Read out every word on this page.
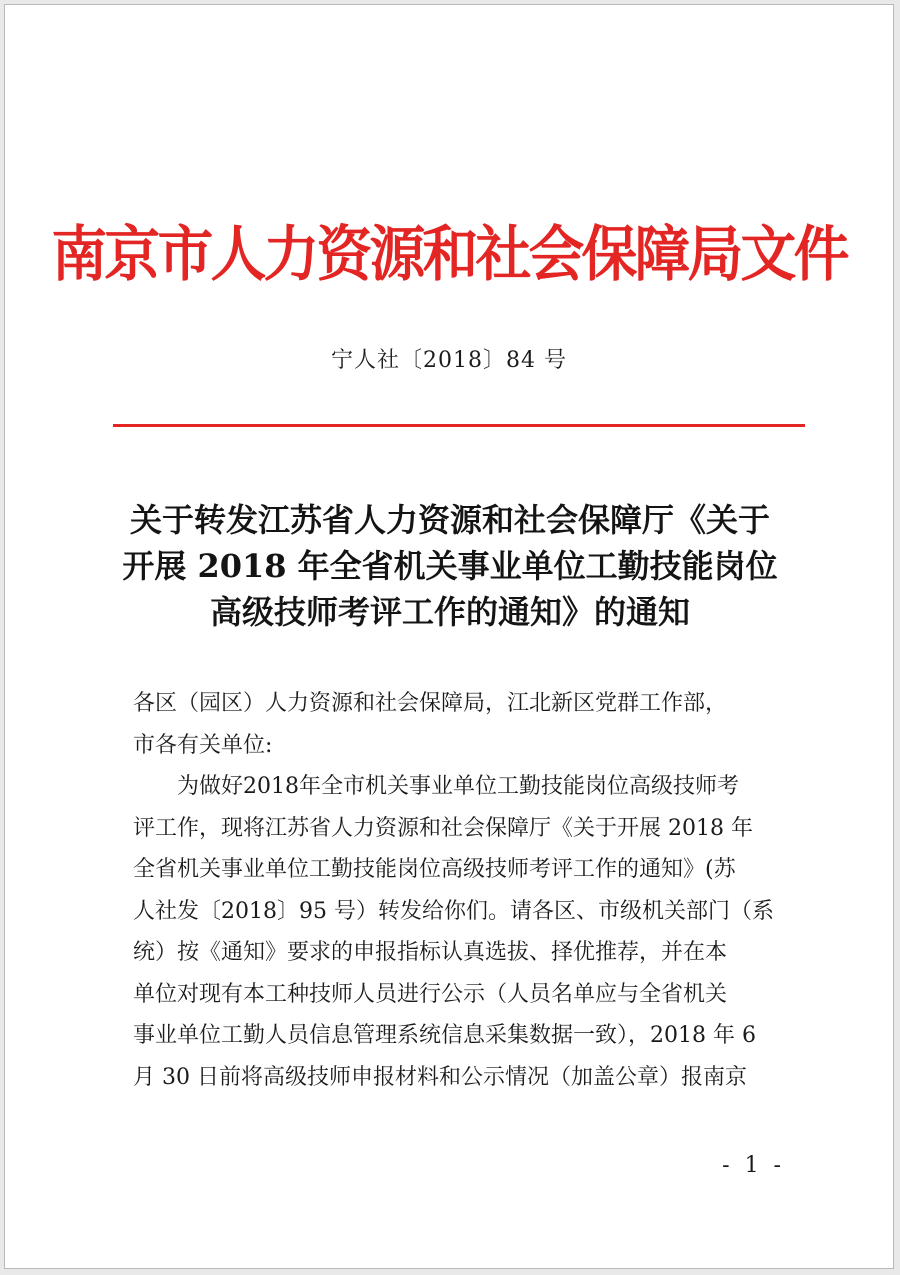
南京市人力资源和社会保障局文件
宁人社〔2018〕84 号
关于转发江苏省人力资源和社会保障厅《关于
开展 2018 年全省机关事业单位工勤技能岗位
高级技师考评工作的通知》的通知
各区（园区）人力资源和社会保障局，江北新区党群工作部，
市各有关单位:
为做好2018年全市机关事业单位工勤技能岗位高级技师考
评工作，现将江苏省人力资源和社会保障厅《关于开展 2018 年
全省机关事业单位工勤技能岗位高级技师考评工作的通知》(苏
人社发〔2018〕95 号）转发给你们。请各区、市级机关部门（系
统）按《通知》要求的申报指标认真选拔、择优推荐，并在本
单位对现有本工种技师人员进行公示（人员名单应与全省机关
事业单位工勤人员信息管理系统信息采集数据一致），2018 年 6
月 30 日前将高级技师申报材料和公示情况（加盖公章）报南京
- 1 -
